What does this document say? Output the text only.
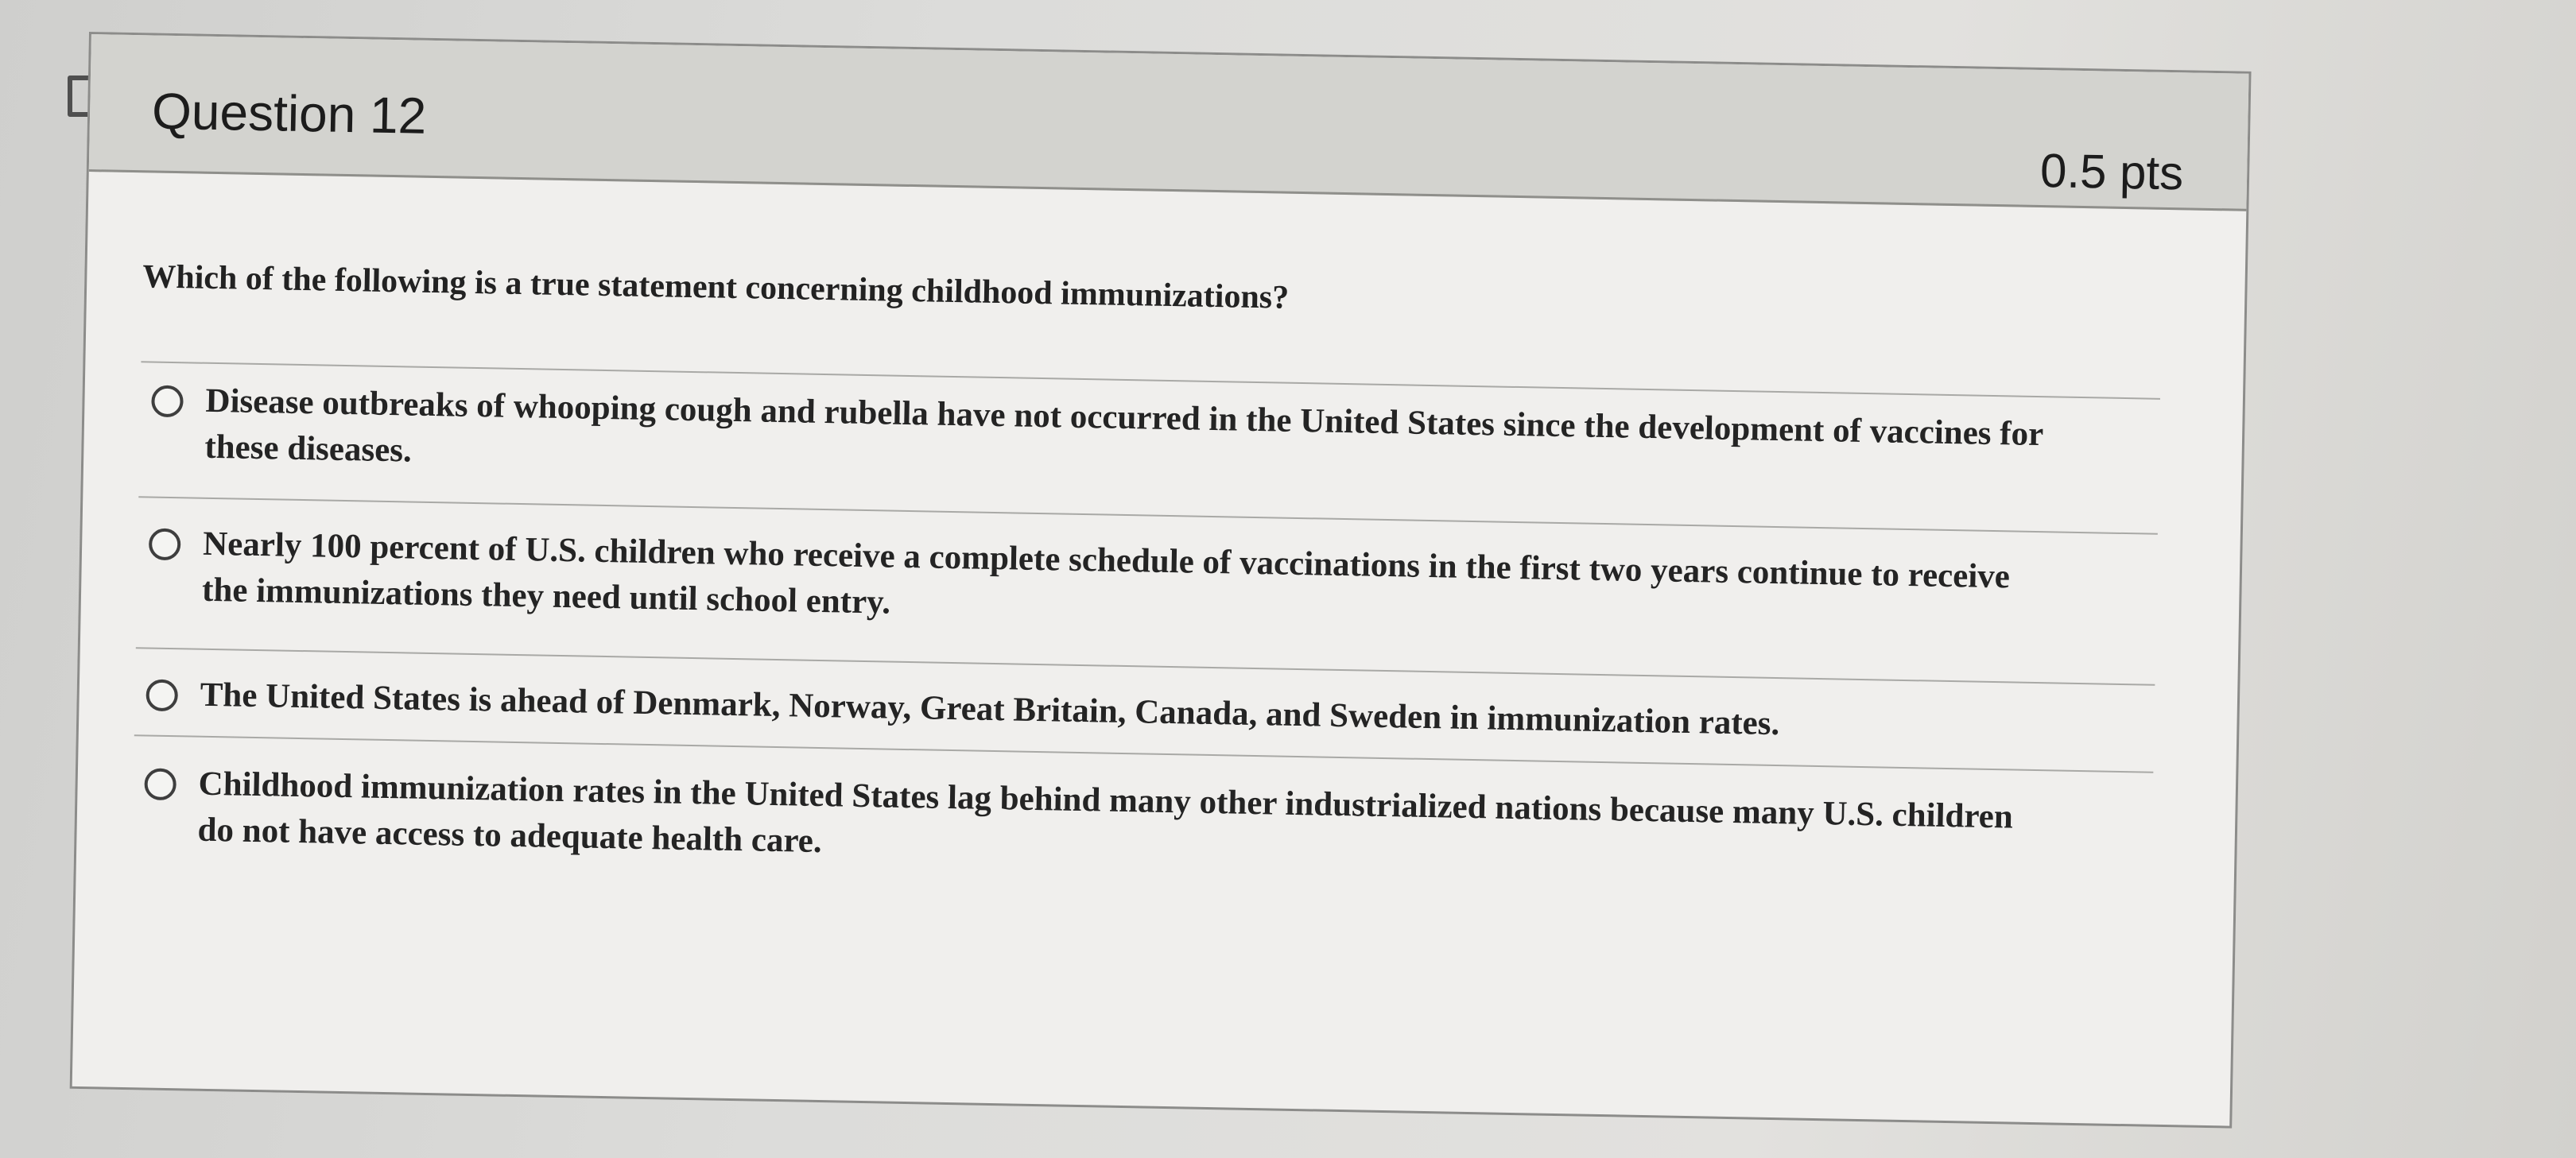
Question 12
0.5 pts
Which of the following is a true statement concerning childhood immunizations?
Disease outbreaks of whooping cough and rubella have not occurred in the United States since the development of vaccines for these diseases.
Nearly 100 percent of U.S. children who receive a complete schedule of vaccinations in the first two years continue to receive the immunizations they need until school entry.
The United States is ahead of Denmark, Norway, Great Britain, Canada, and Sweden in immunization rates.
Childhood immunization rates in the United States lag behind many other industrialized nations because many U.S. children do not have access to adequate health care.
